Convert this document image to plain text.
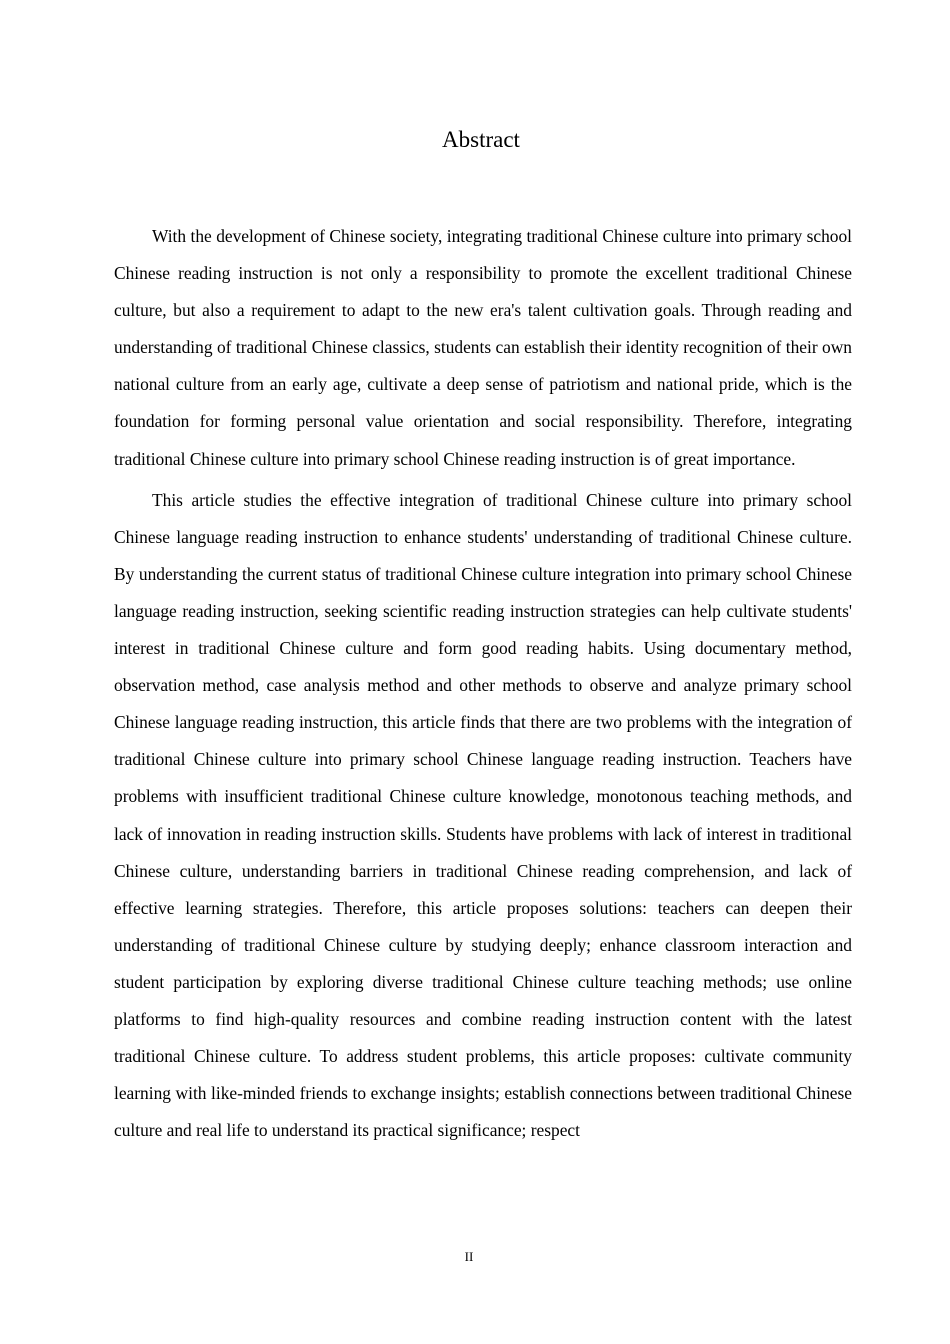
Abstract

With the development of Chinese society, integrating traditional Chinese culture into primary school Chinese reading instruction is not only a responsibility to promote the excellent traditional Chinese culture, but also a requirement to adapt to the new era's talent cultivation goals. Through reading and understanding of traditional Chinese classics, students can establish their identity recognition of their own national culture from an early age, cultivate a deep sense of patriotism and national pride, which is the foundation for forming personal value orientation and social responsibility. Therefore, integrating traditional Chinese culture into primary school Chinese reading instruction is of great importance.

This article studies the effective integration of traditional Chinese culture into primary school Chinese language reading instruction to enhance students' understanding of traditional Chinese culture. By understanding the current status of traditional Chinese culture integration into primary school Chinese language reading instruction, seeking scientific reading instruction strategies can help cultivate students' interest in traditional Chinese culture and form good reading habits. Using documentary method, observation method, case analysis method and other methods to observe and analyze primary school Chinese language reading instruction, this article finds that there are two problems with the integration of traditional Chinese culture into primary school Chinese language reading instruction. Teachers have problems with insufficient traditional Chinese culture knowledge, monotonous teaching methods, and lack of innovation in reading instruction skills. Students have problems with lack of interest in traditional Chinese culture, understanding barriers in traditional Chinese reading comprehension, and lack of effective learning strategies. Therefore, this article proposes solutions: teachers can deepen their understanding of traditional Chinese culture by studying deeply; enhance classroom interaction and student participation by exploring diverse traditional Chinese culture teaching methods; use online platforms to find high-quality resources and combine reading instruction content with the latest traditional Chinese culture. To address student problems, this article proposes: cultivate community learning with like-minded friends to exchange insights; establish connections between traditional Chinese culture and real life to understand its practical significance; respect

II
